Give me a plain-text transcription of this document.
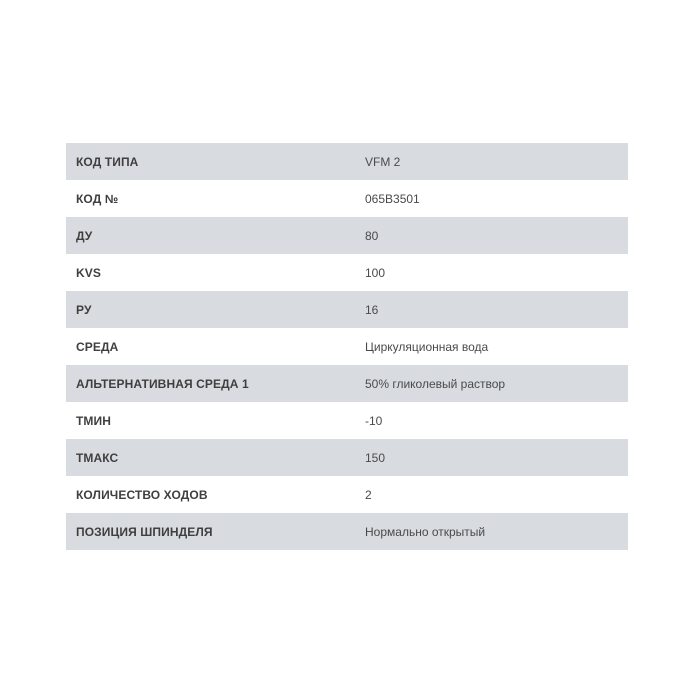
КОД ТИПА	VFM 2
КОД №	065B3501
ДУ	80
KVS	100
РУ	16
СРЕДА	Циркуляционная вода
АЛЬТЕРНАТИВНАЯ СРЕДА 1	50% гликолевый раствор
ТМИН	-10
ТМАКС	150
КОЛИЧЕСТВО ХОДОВ	2
ПОЗИЦИЯ ШПИНДЕЛЯ	Нормально открытый
